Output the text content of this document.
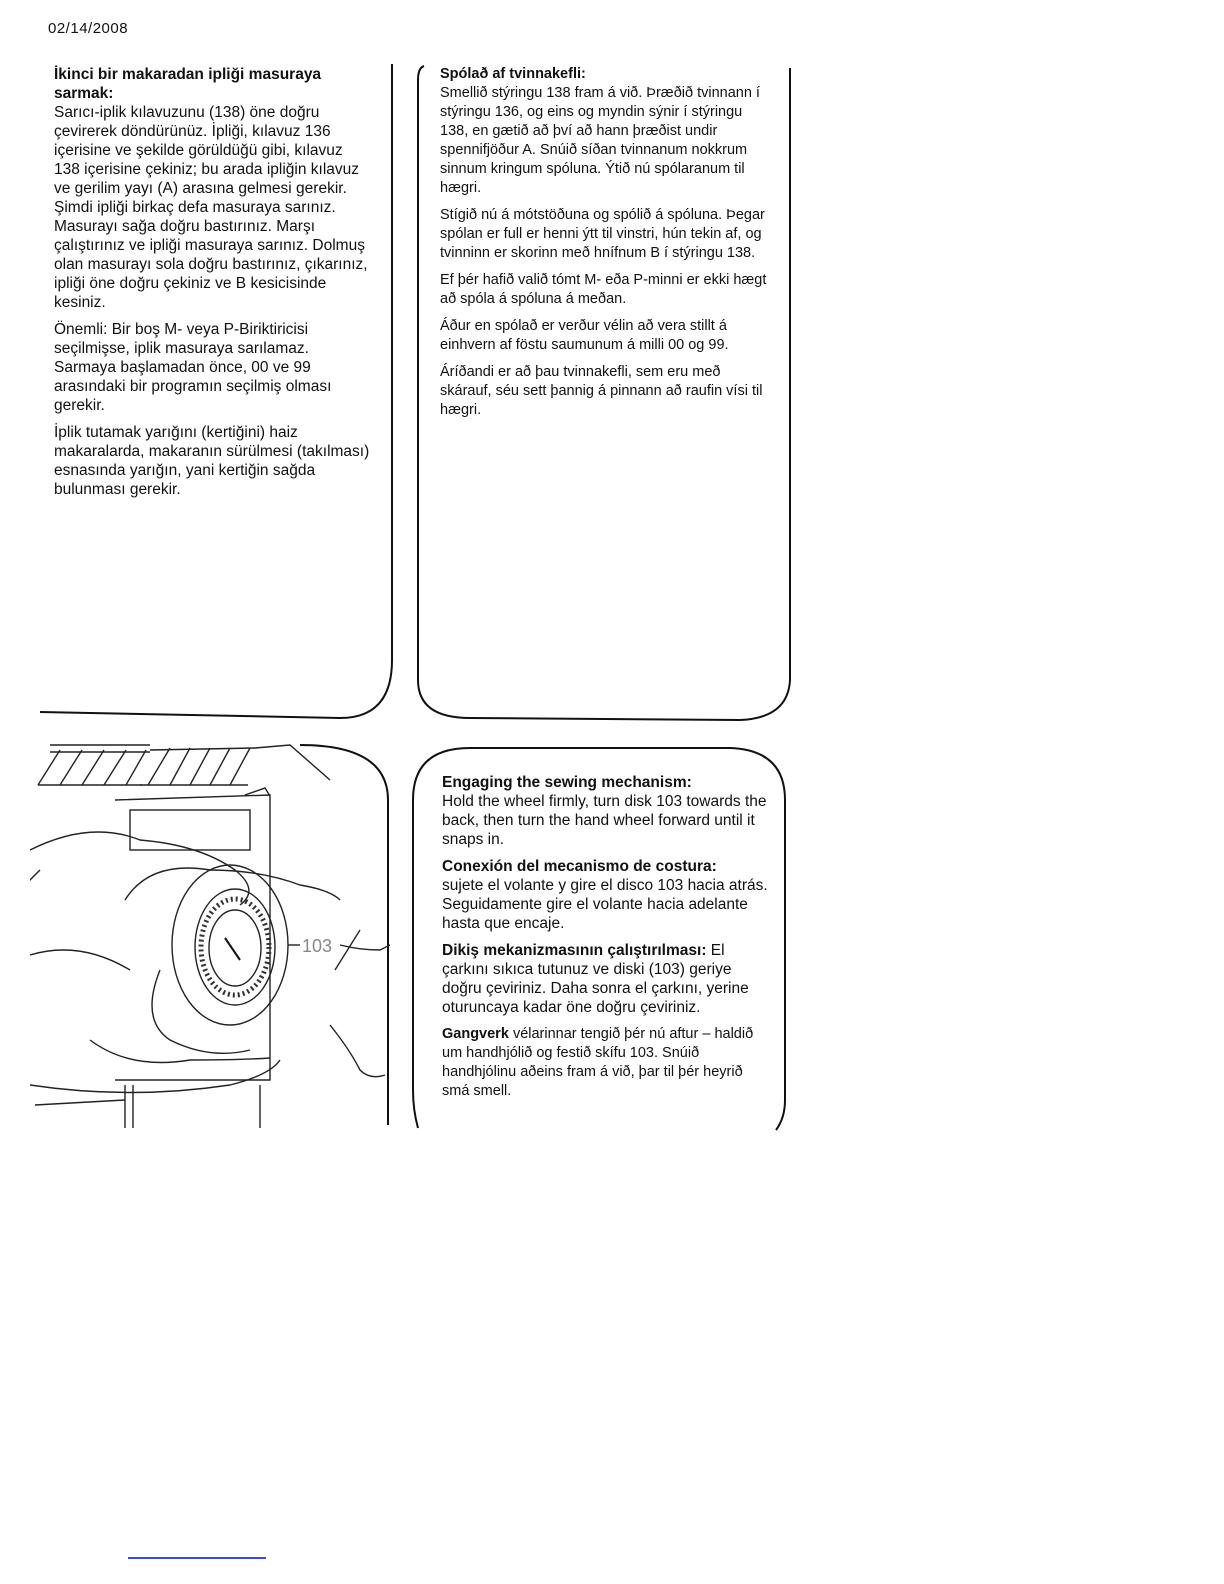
02/14/2008

İkinci bir makaradan ipliği masuraya sarmak:
Sarıcı-iplik kılavuzunu (138) öne doğru çevirerek döndürünüz. İpliği, kılavuz 136 içerisine ve şekilde görüldüğü gibi, kılavuz 138 içerisine çekiniz; bu arada ipliğin kılavuz ve gerilim yayı (A) arasına gelmesi gerekir. Şimdi ipliği birkaç defa masuraya sarınız. Masurayı sağa doğru bastırınız. Marşı çalıştırınız ve ipliği masuraya sarınız. Dolmuş olan masurayı sola doğru bastırınız, çıkarınız, ipliği öne doğru çekiniz ve B kesicisinde kesiniz.

Önemli: Bir boş M- veya P-Biriktiricisi seçilmişse, iplik masuraya sarılamaz. Sarmaya başlamadan önce, 00 ve 99 arasındaki bir programın seçilmiş olması gerekir.

İplik tutamak yarığını (kertiğini) haiz makaralarda, makaranın sürülmesi (takılması) esnasında yarığın, yani kertiğin sağda bulunması gerekir.

Spólað af tvinnakefli:
Smellið stýringu 138 fram á við. Þræðið tvinnann í stýringu 136, og eins og myndin sýnir í stýringu 138, en gætið að því að hann þræðist undir spennifjöður A. Snúið síðan tvinnanum nokkrum sinnum kringum spóluna. Ýtið nú spólaranum til hægri.

Stígið nú á mótstöðuna og spólið á spóluna. Þegar spólan er full er henni ýtt til vinstri, hún tekin af, og tvinninn er skorinn með hnífnum B í stýringu 138.

Ef þér hafið valið tómt M- eða P-minni er ekki hægt að spóla á spóluna á meðan.

Áður en spólað er verður vélin að vera stillt á einhvern af föstu saumunum á milli 00 og 99.

Áríðandi er að þau tvinnakefli, sem eru með skárauf, séu sett þannig á pinnann að raufin vísi til hægri.

103

Engaging the sewing mechanism:
Hold the wheel firmly, turn disk 103 towards the back, then turn the hand wheel forward until it snaps in.

Conexión del mecanismo de costura:
sujete el volante y gire el disco 103 hacia atrás. Seguidamente gire el volante hacia adelante hasta que encaje.

Dikiş mekanizmasının çalıştırılması: El çarkını sıkıca tutunuz ve diski (103) geriye doğru çeviriniz. Daha sonra el çarkını, yerine oturuncaya kadar öne doğru çeviriniz.

Gangverk vélarinnar tengið þér nú aftur – haldið um handhjólið og festið skífu 103. Snúið handhjólinu aðeins fram á við, þar til þér heyrið smá smell.
